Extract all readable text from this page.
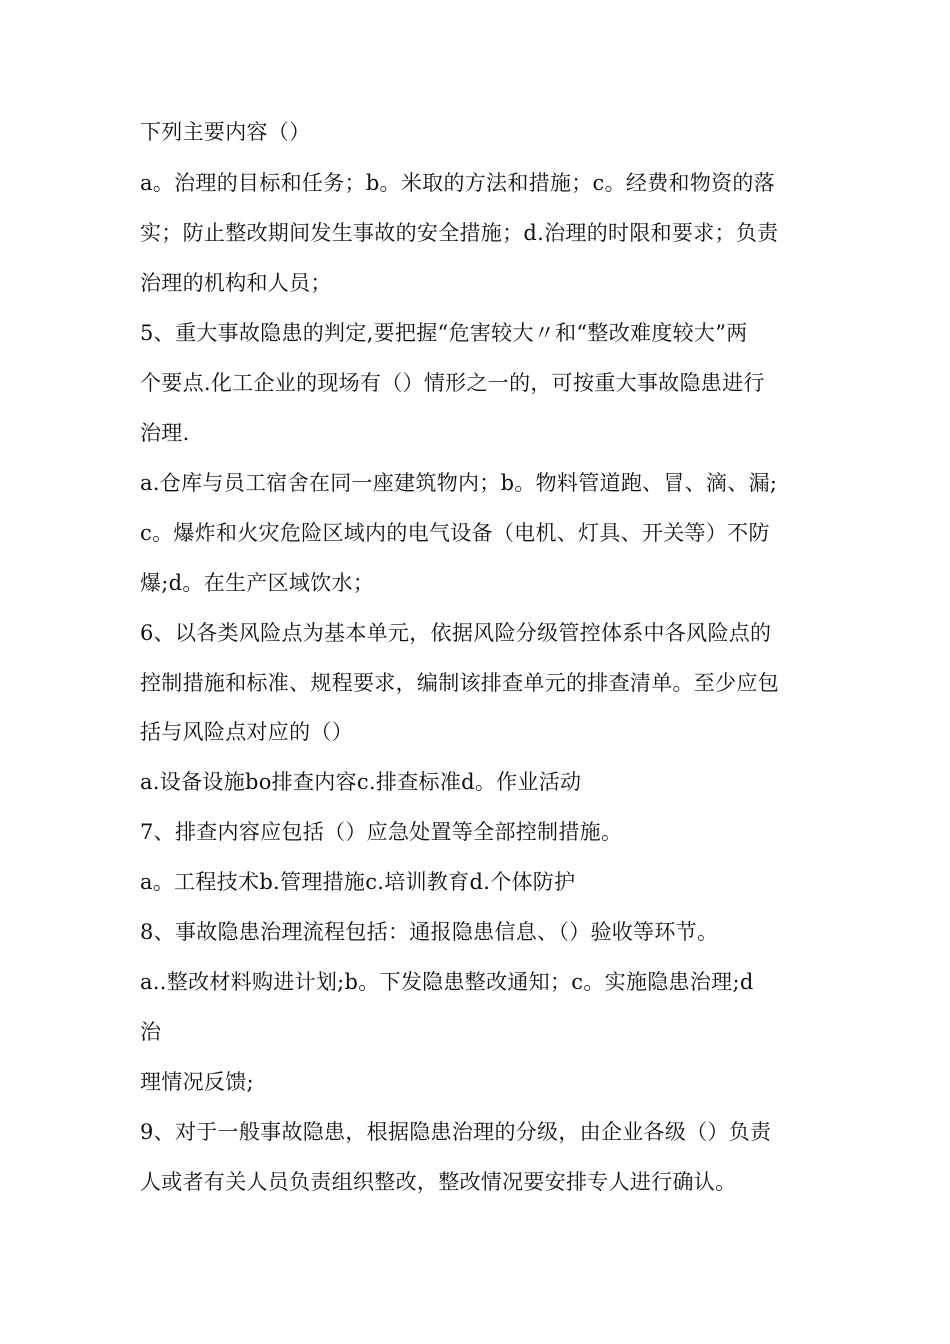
下列主要内容（）
a。治理的目标和任务；b。米取的方法和措施；c。经费和物资的落
实；防止整改期间发生事故的安全措施；d.治理的时限和要求；负责
治理的机构和人员；
5、重大事故隐患的判定,要把握“危害较大〃和“整改难度较大”两
个要点.化工企业的现场有（）情形之一的，可按重大事故隐患进行
治理.
a.仓库与员工宿舍在同一座建筑物内；b。物料管道跑、冒、滴、漏;
c。爆炸和火灾危险区域内的电气设备（电机、灯具、开关等）不防
爆;d。在生产区域饮水；
6、以各类风险点为基本单元，依据风险分级管控体系中各风险点的
控制措施和标准、规程要求，编制该排查单元的排查清单。至少应包
括与风险点对应的（）
a.设备设施bo排查内容c.排查标准d。作业活动
7、排查内容应包括（）应急处置等全部控制措施。
a。工程技术b.管理措施c.培训教育d.个体防护
8、事故隐患治理流程包括：通报隐患信息、（）验收等环节。
a..整改材料购进计划;b。下发隐患整改通知；c。实施隐患治理;d
治
理情况反馈;
9、对于一般事故隐患，根据隐患治理的分级，由企业各级（）负责
人或者有关人员负责组织整改，整改情况要安排专人进行确认。
